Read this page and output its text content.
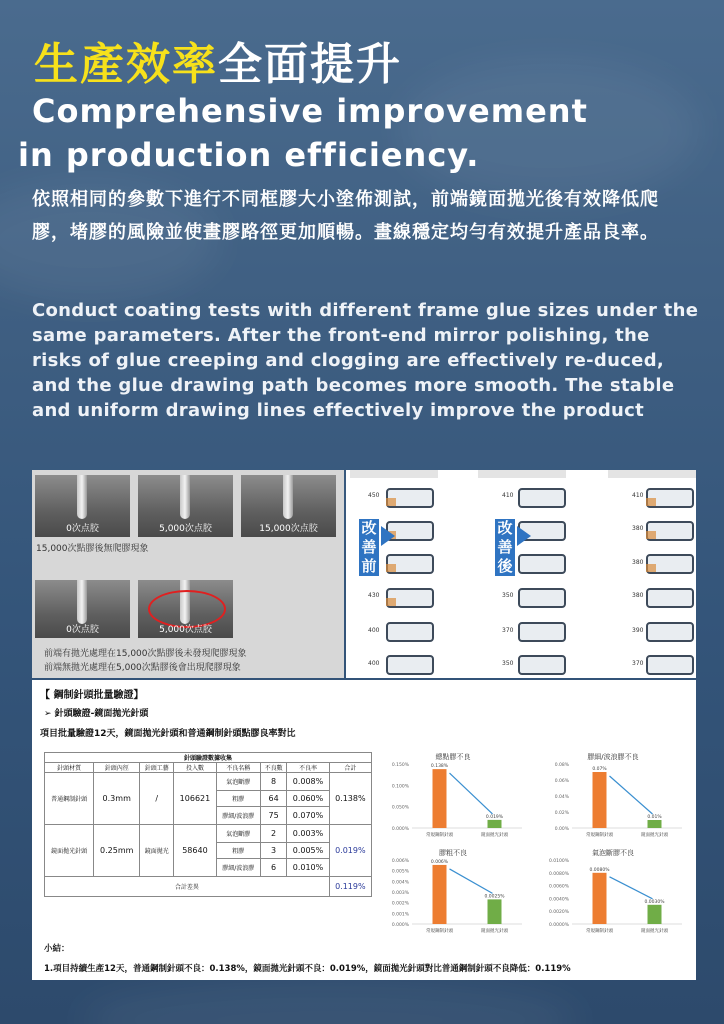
生產效率全面提升
Comprehensive improvement
in production efficiency.
依照相同的參數下進行不同框膠大小塗佈測試，前端鏡面拋光後有效降低爬膠，堵膠的風險並使畫膠路徑更加順暢。畫線穩定均勻有效提升產品良率。
Conduct coating tests with different frame glue sizes under the same parameters. After the front-end mirror polishing, the risks of glue creeping and clogging are effectively re-duced, and the glue drawing path becomes more smooth. The stable and uniform drawing lines effectively improve the product
0次点胶	5,000次点胶	15,000次点胶
15,000次點膠後無爬膠現象
0次点胶	5,000次点胶
前端有拋光處理在15,000次點膠後未發現爬膠現象
前端無拋光處理在5,000次點膠後會出現爬膠現象
450
430
400
400
410
350
370
350
410
380
380
380
390
370
改善前
改善後
【 鋼制針頭批量驗證】
➢ 針頭驗證-鏡面拋光針頭
項目批量驗證12天，鏡面拋光針頭和普通鋼制針頭點膠良率對比
針頭驗證數據收集							
針頭材質	針頭內徑	針頭工藝	投入數	不良名稱	不良數	不良率	合計
普通鋼制針頭	0.3mm	/	106621	氣泡斷膠	8	0.008%	0.138%
				粗膠	64	0.060%	
				膠細/波浪膠	75	0.070%	
鏡面拋光針頭	0.25mm	鏡面拋光	58640	氣泡斷膠	2	0.003%	0.019%
				粗膠	3	0.005%	
				膠細/波浪膠	6	0.010%	
合計差異							0.119%
總點膠不良
0.150%
0.100%
0.050%
0.000%
0.138%
常規鋼制針頭
0.019%
鏡面拋光針頭
膠細/波浪膠不良
0.08%
0.06%
0.04%
0.02%
0.00%
0.07%
常規鋼制針頭
0.01%
鏡面拋光針頭
膠粗不良
0.006%
0.005%
0.004%
0.003%
0.002%
0.001%
0.000%
0.006%
常規鋼制針頭
0.0025%
鏡面拋光針頭
氣泡斷膠不良
0.0100%
0.0080%
0.0060%
0.0040%
0.0020%
0.0000%
0.0080%
常規鋼制針頭
0.0030%
鏡面拋光針頭
小結：
1.項目持續生產12天，普通鋼制針頭不良：0.138%，鏡面拋光針頭不良：0.019%，鏡面拋光針頭對比普通鋼制針頭不良降低：0.119%
